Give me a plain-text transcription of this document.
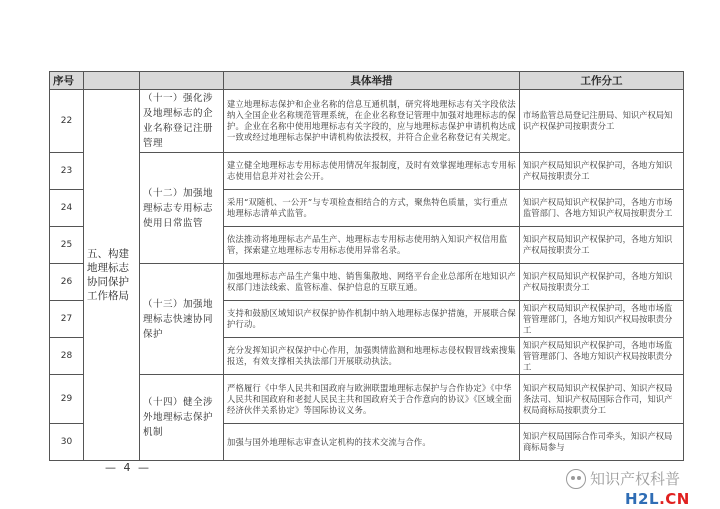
序号			具体举措	工作分工
22	五、构建地理标志协同保护工作格局	（十一）强化涉及地理标志的企业名称登记注册管理	建立地理标志保护和企业名称的信息互通机制，研究将地理标志有关字段依法纳入全国企业名称规范管理系统，在企业名称登记管理中加强对地理标志的保护。企业在名称中使用地理标志有关字段的，应与地理标志保护申请机构达成一致或经过地理标志保护申请机构依法授权，并符合企业名称登记有关规定。	市场监管总局登记注册局、知识产权局知识产权保护司按职责分工
23		（十二）加强地理标志专用标志使用日常监管	建立健全地理标志专用标志使用情况年报制度，及时有效掌握地理标志专用标志使用信息并对社会公开。	知识产权局知识产权保护司，各地方知识产权局按职责分工
24			采用“双随机、一公开”与专项检查相结合的方式，聚焦特色质量，实行重点地理标志清单式监管。	知识产权局知识产权保护司，各地方市场监管部门、各地方知识产权局按职责分工
25			依法推动将地理标志产品生产、地理标志专用标志使用纳入知识产权信用监管，探索建立地理标志专用标志使用异常名录。	知识产权局知识产权保护司，各地方知识产权局按职责分工
26		（十三）加强地理标志快速协同保护	加强地理标志产品生产集中地、销售集散地、网络平台企业总部所在地知识产权部门违法线索、监管标准、保护信息的互联互通。	知识产权局知识产权保护司，各地方知识产权局按职责分工
27			支持和鼓励区域知识产权保护协作机制中纳入地理标志保护措施，开展联合保护行动。	知识产权局知识产权保护司，各地市场监管管理部门，各地方知识产权局按职责分工
28			充分发挥知识产权保护中心作用，加强舆情监测和地理标志侵权假冒线索搜集报送，有效支撑相关执法部门开展联动执法。	知识产权局知识产权保护司，各地市场监管管理部门、各地方知识产权局按职责分工
29		（十四）健全涉外地理标志保护机制	严格履行《中华人民共和国政府与欧洲联盟地理标志保护与合作协定》《中华人民共和国政府和老挝人民民主共和国政府关于合作意向的协议》《区域全面经济伙伴关系协定》等国际协议义务。	知识产权局知识产权保护司、知识产权局条法司、知识产权局国际合作司，知识产权局商标局按职责分工
30			加强与国外地理标志审查认定机构的技术交流与合作。	知识产权局国际合作司牵头，知识产权局商标局参与
— 4 —
知识产权科普
H2L.CN
